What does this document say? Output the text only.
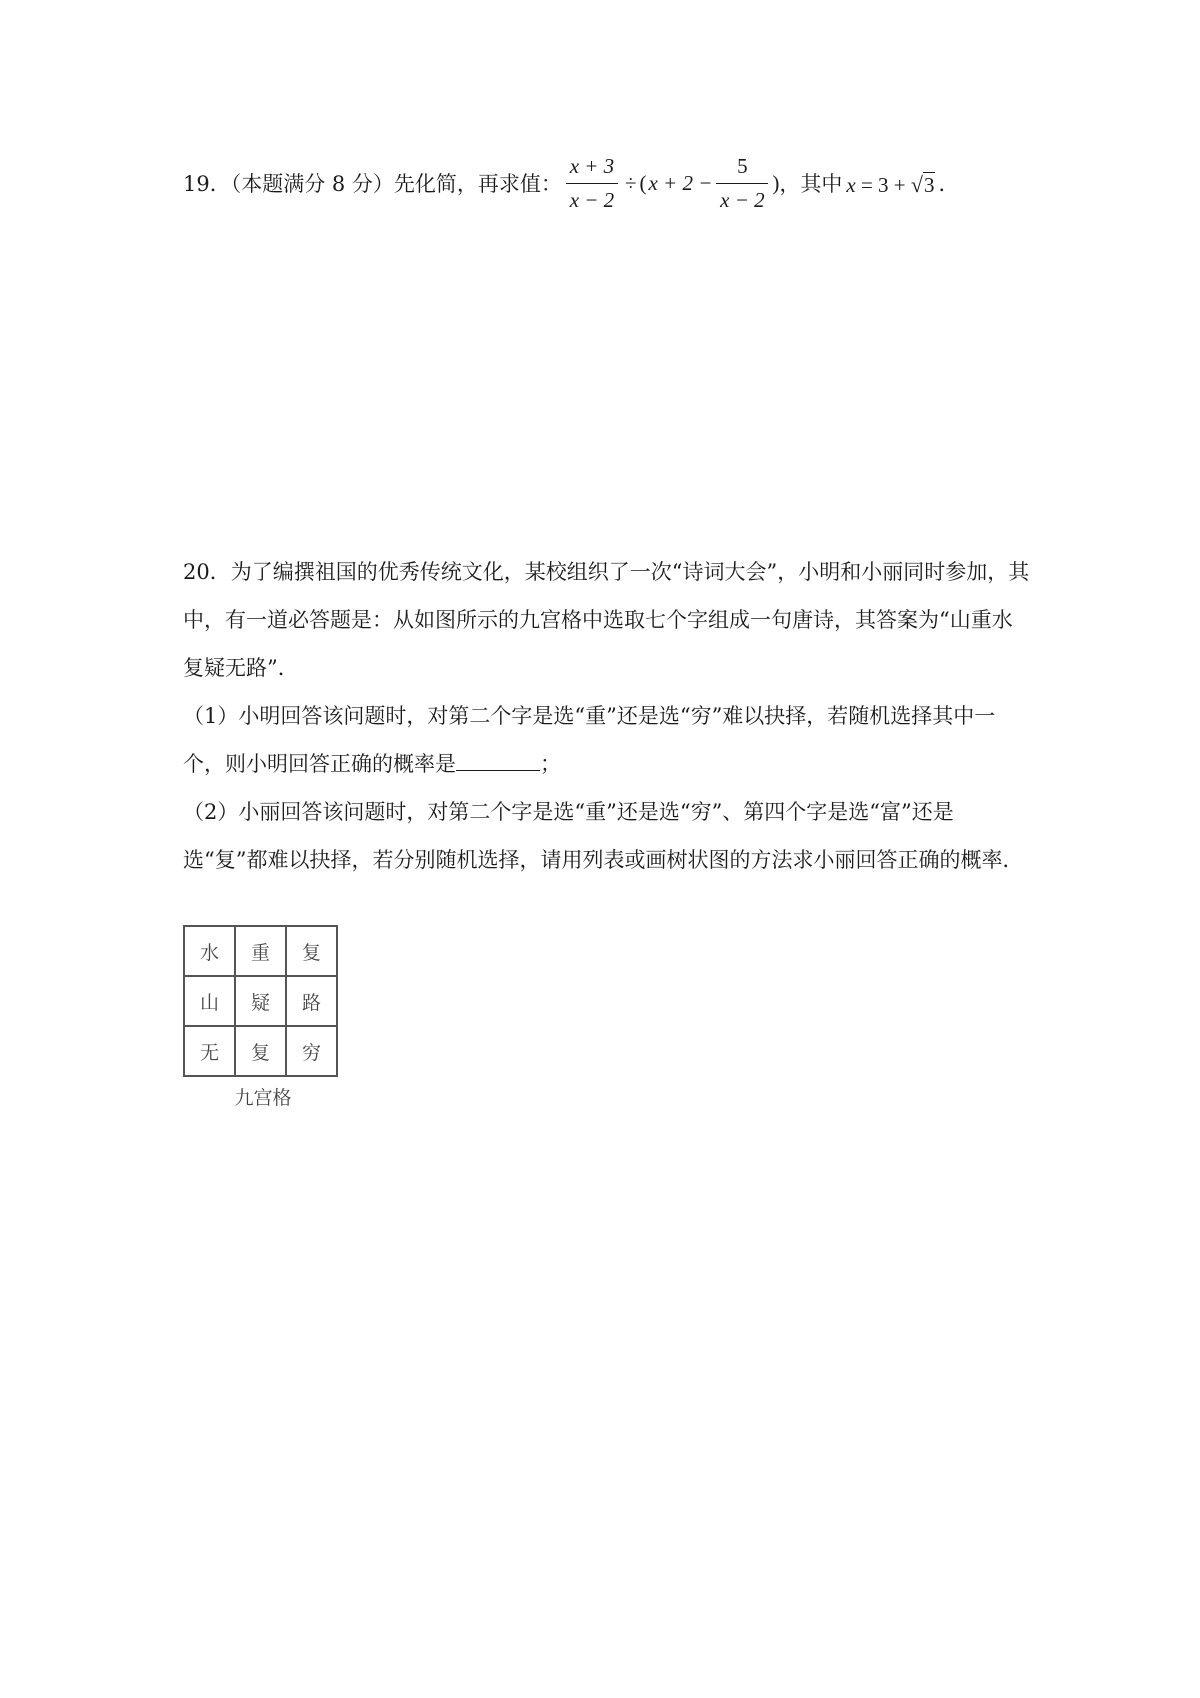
19．（本题满分 8 分）先化简，再求值： $\frac{x + 3}{x - 2}$ ÷ ( $x + 2 - \frac{5}{x - 2}$ ) ，其中 x = 3 + √ 3 ．

20．为了编撰祖国的优秀传统文化，某校组织了一次“诗词大会”，小明和小丽同时参加，其中，有一道必答题是：从如图所示的九宫格中选取七个字组成一句唐诗，其答案为“山重水复疑无路”．

（1）小明回答该问题时，对第二个字是选“重”还是选“穷”难以抉择，若随机选择其中一个，则小明回答正确的概率是	；

（2）小丽回答该问题时，对第二个字是选“重”还是选“穷”、第四个字是选“富”还是选“复”都难以抉择，若分别随机选择，请用列表或画树状图的方法求小丽回答正确的概率．

水	重	复
山	疑	路
无	复	穷
九宫格
